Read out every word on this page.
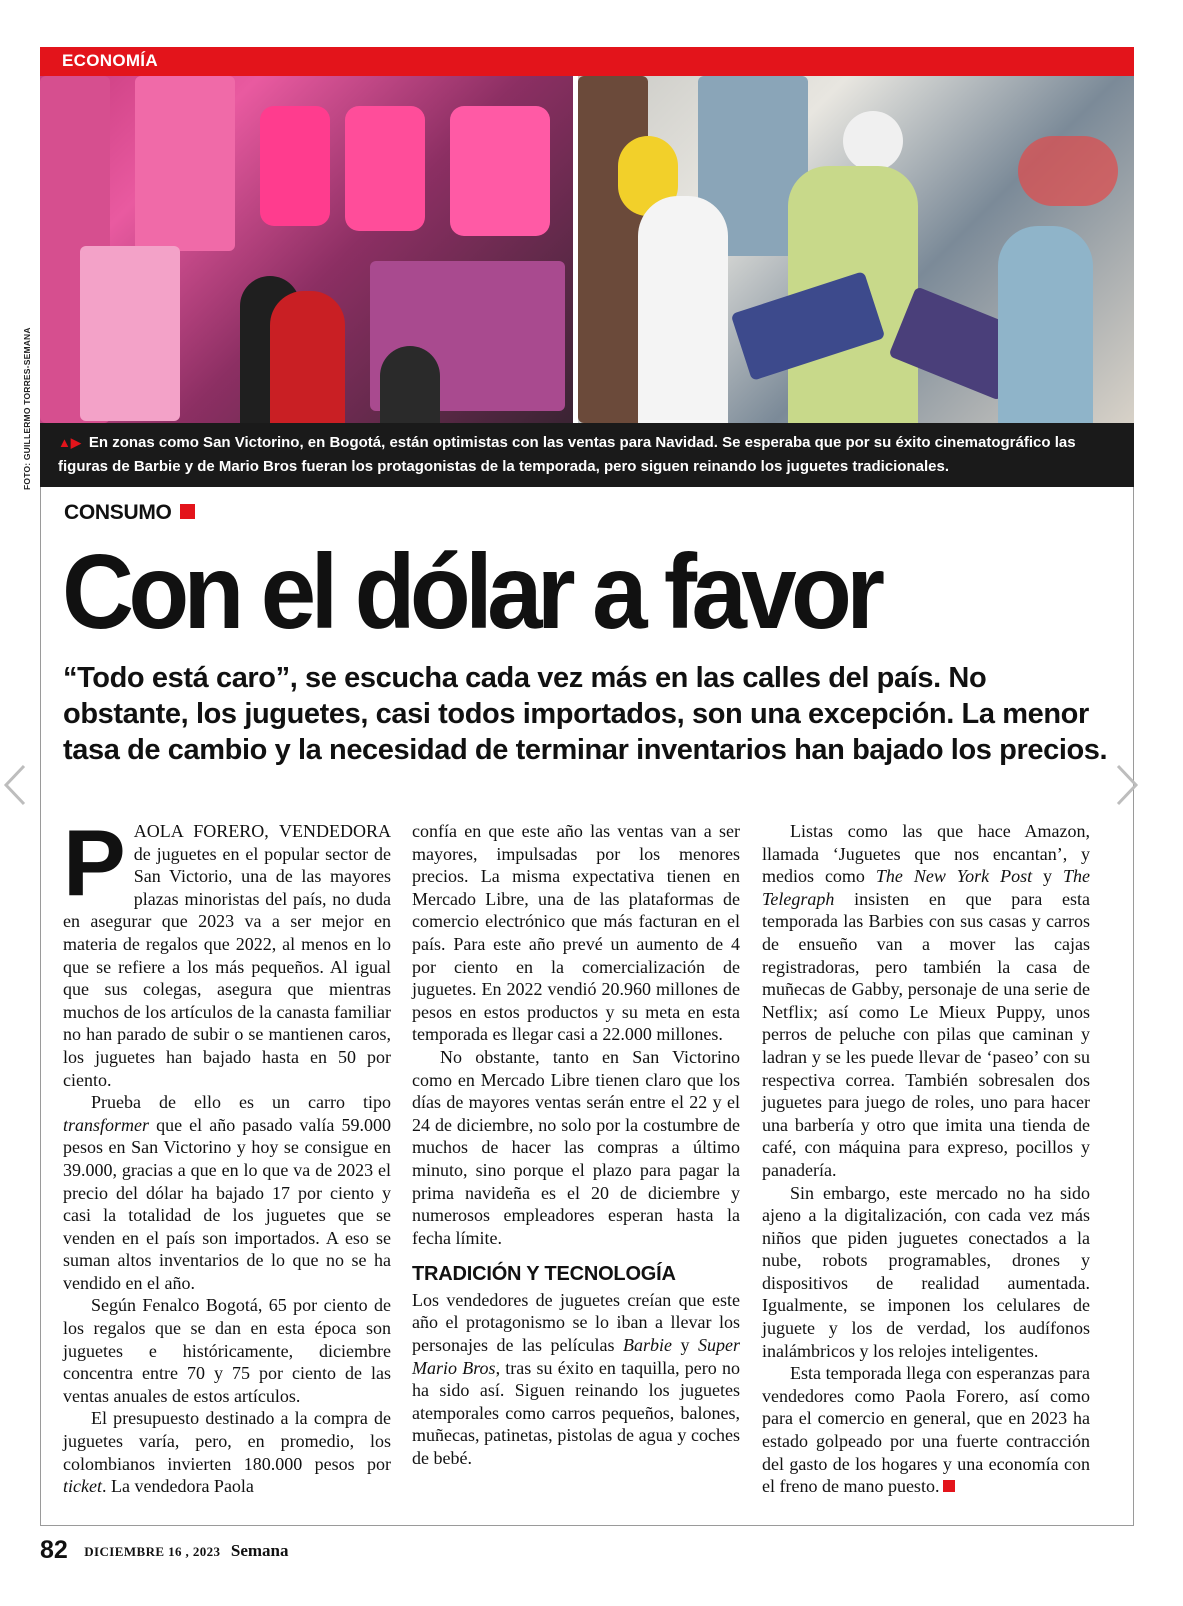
ECONOMÍA
FOTO: GUILLERMO TORRES-SEMANA	▲▶ En zonas como San Victorino, en Bogotá, están optimistas con las ventas para Navidad. Se esperaba que por su éxito cinematográfico las figuras de Barbie y de Mario Bros fueran los protagonistas de la temporada, pero siguen reinando los juguetes tradicionales.
CONSUMO
Con el dólar a favor
“Todo está caro”, se escucha cada vez más en las calles del país. No obstante, los juguetes, casi todos importados, son una excepción. La menor tasa de cambio y la necesidad de terminar inventarios han bajado los precios.

PAOLA FORERO, VENDEDORA de juguetes en el popular sector de San Victorio, una de las mayores plazas minoristas del país, no duda en asegurar que 2023 va a ser mejor en materia de regalos que 2022, al menos en lo que se refiere a los más pequeños. Al igual que sus colegas, asegura que mientras muchos de los artículos de la canasta familiar no han parado de subir o se mantienen caros, los juguetes han bajado hasta en 50 por ciento.

Prueba de ello es un carro tipo transformer que el año pasado valía 59.000 pesos en San Victorino y hoy se consigue en 39.000, gracias a que en lo que va de 2023 el precio del dólar ha bajado 17 por ciento y casi la totalidad de los juguetes que se venden en el país son importados. A eso se suman altos inventarios de lo que no se ha vendido en el año.

Según Fenalco Bogotá, 65 por ciento de los regalos que se dan en esta época son juguetes e históricamente, diciembre concentra entre 70 y 75 por ciento de las ventas anuales de estos artículos.

El presupuesto destinado a la compra de juguetes varía, pero, en promedio, los colombianos invierten 180.000 pesos por ticket. La vendedora Paola

confía en que este año las ventas van a ser mayores, impulsadas por los menores precios. La misma expectativa tienen en Mercado Libre, una de las plataformas de comercio electrónico que más facturan en el país. Para este año prevé un aumento de 4 por ciento en la comercialización de juguetes. En 2022 vendió 20.960 millones de pesos en estos productos y su meta en esta temporada es llegar casi a 22.000 millones.

No obstante, tanto en San Victorino como en Mercado Libre tienen claro que los días de mayores ventas serán entre el 22 y el 24 de diciembre, no solo por la costumbre de muchos de hacer las compras a último minuto, sino porque el plazo para pagar la prima navideña es el 20 de diciembre y numerosos empleadores esperan hasta la fecha límite.

TRADICIÓN Y TECNOLOGÍA

Los vendedores de juguetes creían que este año el protagonismo se lo iban a llevar los personajes de las películas Barbie y Super Mario Bros, tras su éxito en taquilla, pero no ha sido así. Siguen reinando los juguetes atemporales como carros pequeños, balones, muñecas, patinetas, pistolas de agua y coches de bebé.

Listas como las que hace Amazon, llamada ‘Juguetes que nos encantan’, y medios como The New York Post y The Telegraph insisten en que para esta temporada las Barbies con sus casas y carros de ensueño van a mover las cajas registradoras, pero también la casa de muñecas de Gabby, personaje de una serie de Netflix; así como Le Mieux Puppy, unos perros de peluche con pilas que caminan y ladran y se les puede llevar de ‘paseo’ con su respectiva correa. También sobresalen dos juguetes para juego de roles, uno para hacer una barbería y otro que imita una tienda de café, con máquina para expreso, pocillos y panadería.

Sin embargo, este mercado no ha sido ajeno a la digitalización, con cada vez más niños que piden juguetes conectados a la nube, robots programables, drones y dispositivos de realidad aumentada. Igualmente, se imponen los celulares de juguete y los de verdad, los audífonos inalámbricos y los relojes inteligentes.

Esta temporada llega con esperanzas para vendedores como Paola Forero, así como para el comercio en general, que en 2023 ha estado golpeado por una fuerte contracción del gasto de los hogares y una economía con el freno de mano puesto.

82 DICIEMBRE 16 , 2023 Semana
